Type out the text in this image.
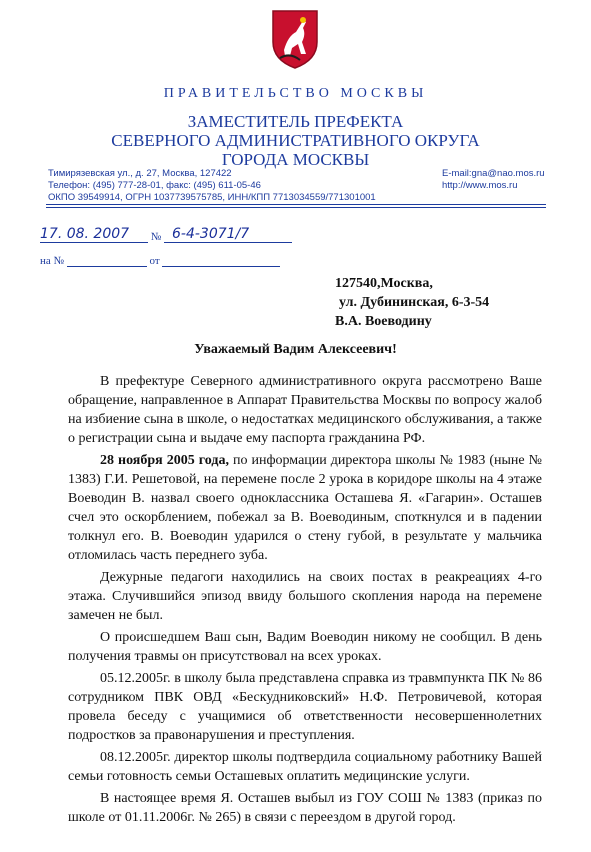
ПРАВИТЕЛЬСТВО МОСКВЫ
ЗАМЕСТИТЕЛЬ ПРЕФЕКТА
СЕВЕРНОГО АДМИНИСТРАТИВНОГО ОКРУГА
ГОРОДА МОСКВЫ
Тимирязевская ул., д. 27, Москва, 127422
Телефон: (495) 777-28-01, факс: (495) 611-05-46
ОКПО 39549914, ОГРН 1037739575785, ИНН/КПП 7713034559/771301001
E-mail:gna@nao.mos.ru
http://www.mos.ru
17. 08. 2007 № 6-4-3071/7
на №	от
127540,Москва,
ул. Дубининская, 6-3-54
В.А. Воеводину
Уважаемый Вадим Алексеевич!

В префектуре Северного административного округа рассмотрено Ваше обращение, направленное в Аппарат Правительства Москвы по вопросу жалоб на избиение сына в школе, о недостатках медицинского обслуживания, а также о регистрации сына и выдаче ему паспорта гражданина РФ.

28 ноября 2005 года, по информации директора школы № 1983 (ныне № 1383) Г.И. Решетовой, на перемене после 2 урока в коридоре школы на 4 этаже Воеводин В. назвал своего одноклассника Осташева Я. «Гагарин». Осташев счел это оскорблением, побежал за В. Воеводиным, споткнулся и в падении толкнул его. В. Воеводин ударился о стену губой, в результате у мальчика отломилась часть переднего зуба.

Дежурные педагоги находились на своих постах в реакреациях 4-го этажа. Случившийся эпизод ввиду большого скопления народа на перемене замечен не был.

О происшедшем Ваш сын, Вадим Воеводин никому не сообщил. В день получения травмы он присутствовал на всех уроках.

05.12.2005г. в школу была представлена справка из травмпункта ПК № 86 сотрудником ПВК ОВД «Бескудниковский» Н.Ф. Петровичевой, которая провела беседу с учащимися об ответственности несовершеннолетних подростков за правонарушения и преступления.

08.12.2005г. директор школы подтвердила социальному работнику Вашей семьи готовность семьи Осташевых оплатить медицинские услуги.

В настоящее время Я. Осташев выбыл из ГОУ СОШ № 1383 (приказ по школе от 01.11.2006г. № 265) в связи с переездом в другой город.
